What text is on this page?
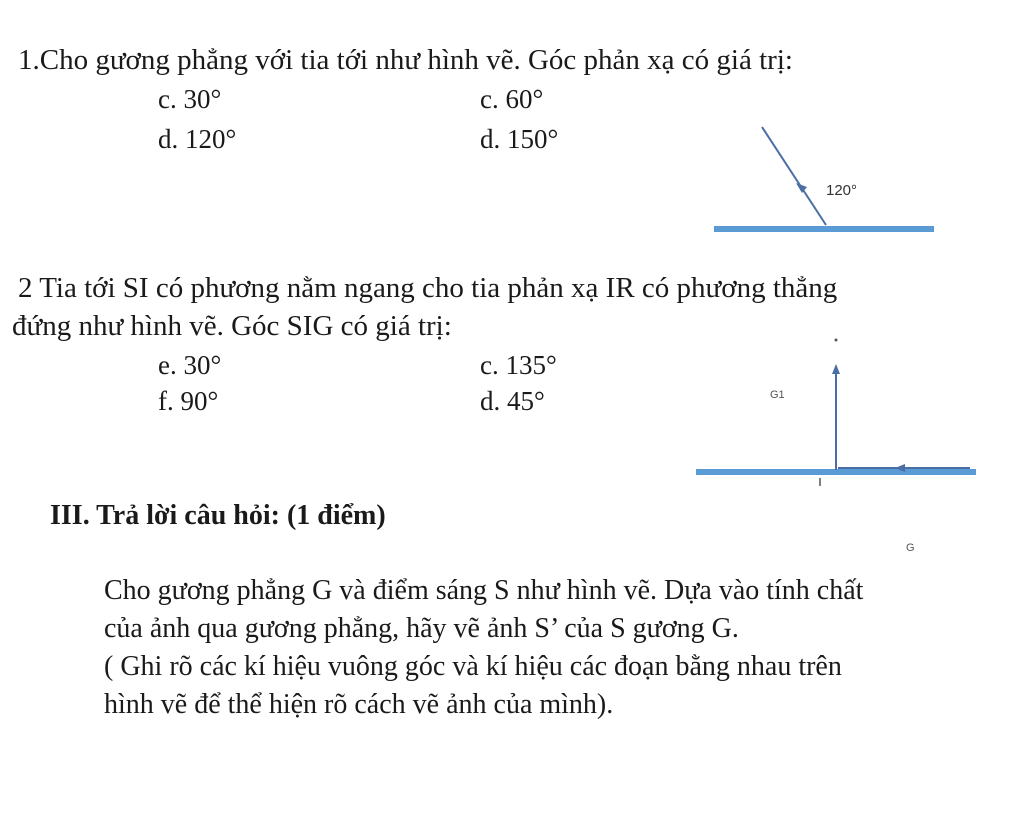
1.Cho gương phẳng với tia tới như hình vẽ. Góc phản xạ có giá trị:
c. 30°	c. 60°
d. 120°	d. 150°
120°
2 Tia tới SI có phương nằm ngang cho tia phản xạ IR có phương thẳng
đứng như hình vẽ. Góc SIG có giá trị:
e. 30°	c. 135°
f. 90°	d. 45°	G1
III. Trả lời câu hỏi: (1 điểm)
G
Cho gương phẳng G và điểm sáng S như hình vẽ. Dựa vào tính chất
của ảnh qua gương phẳng, hãy vẽ ảnh S’ của S gương G.
( Ghi rõ các kí hiệu vuông góc và kí hiệu các đoạn bằng nhau trên
hình vẽ để thể hiện rõ cách vẽ ảnh của mình).
